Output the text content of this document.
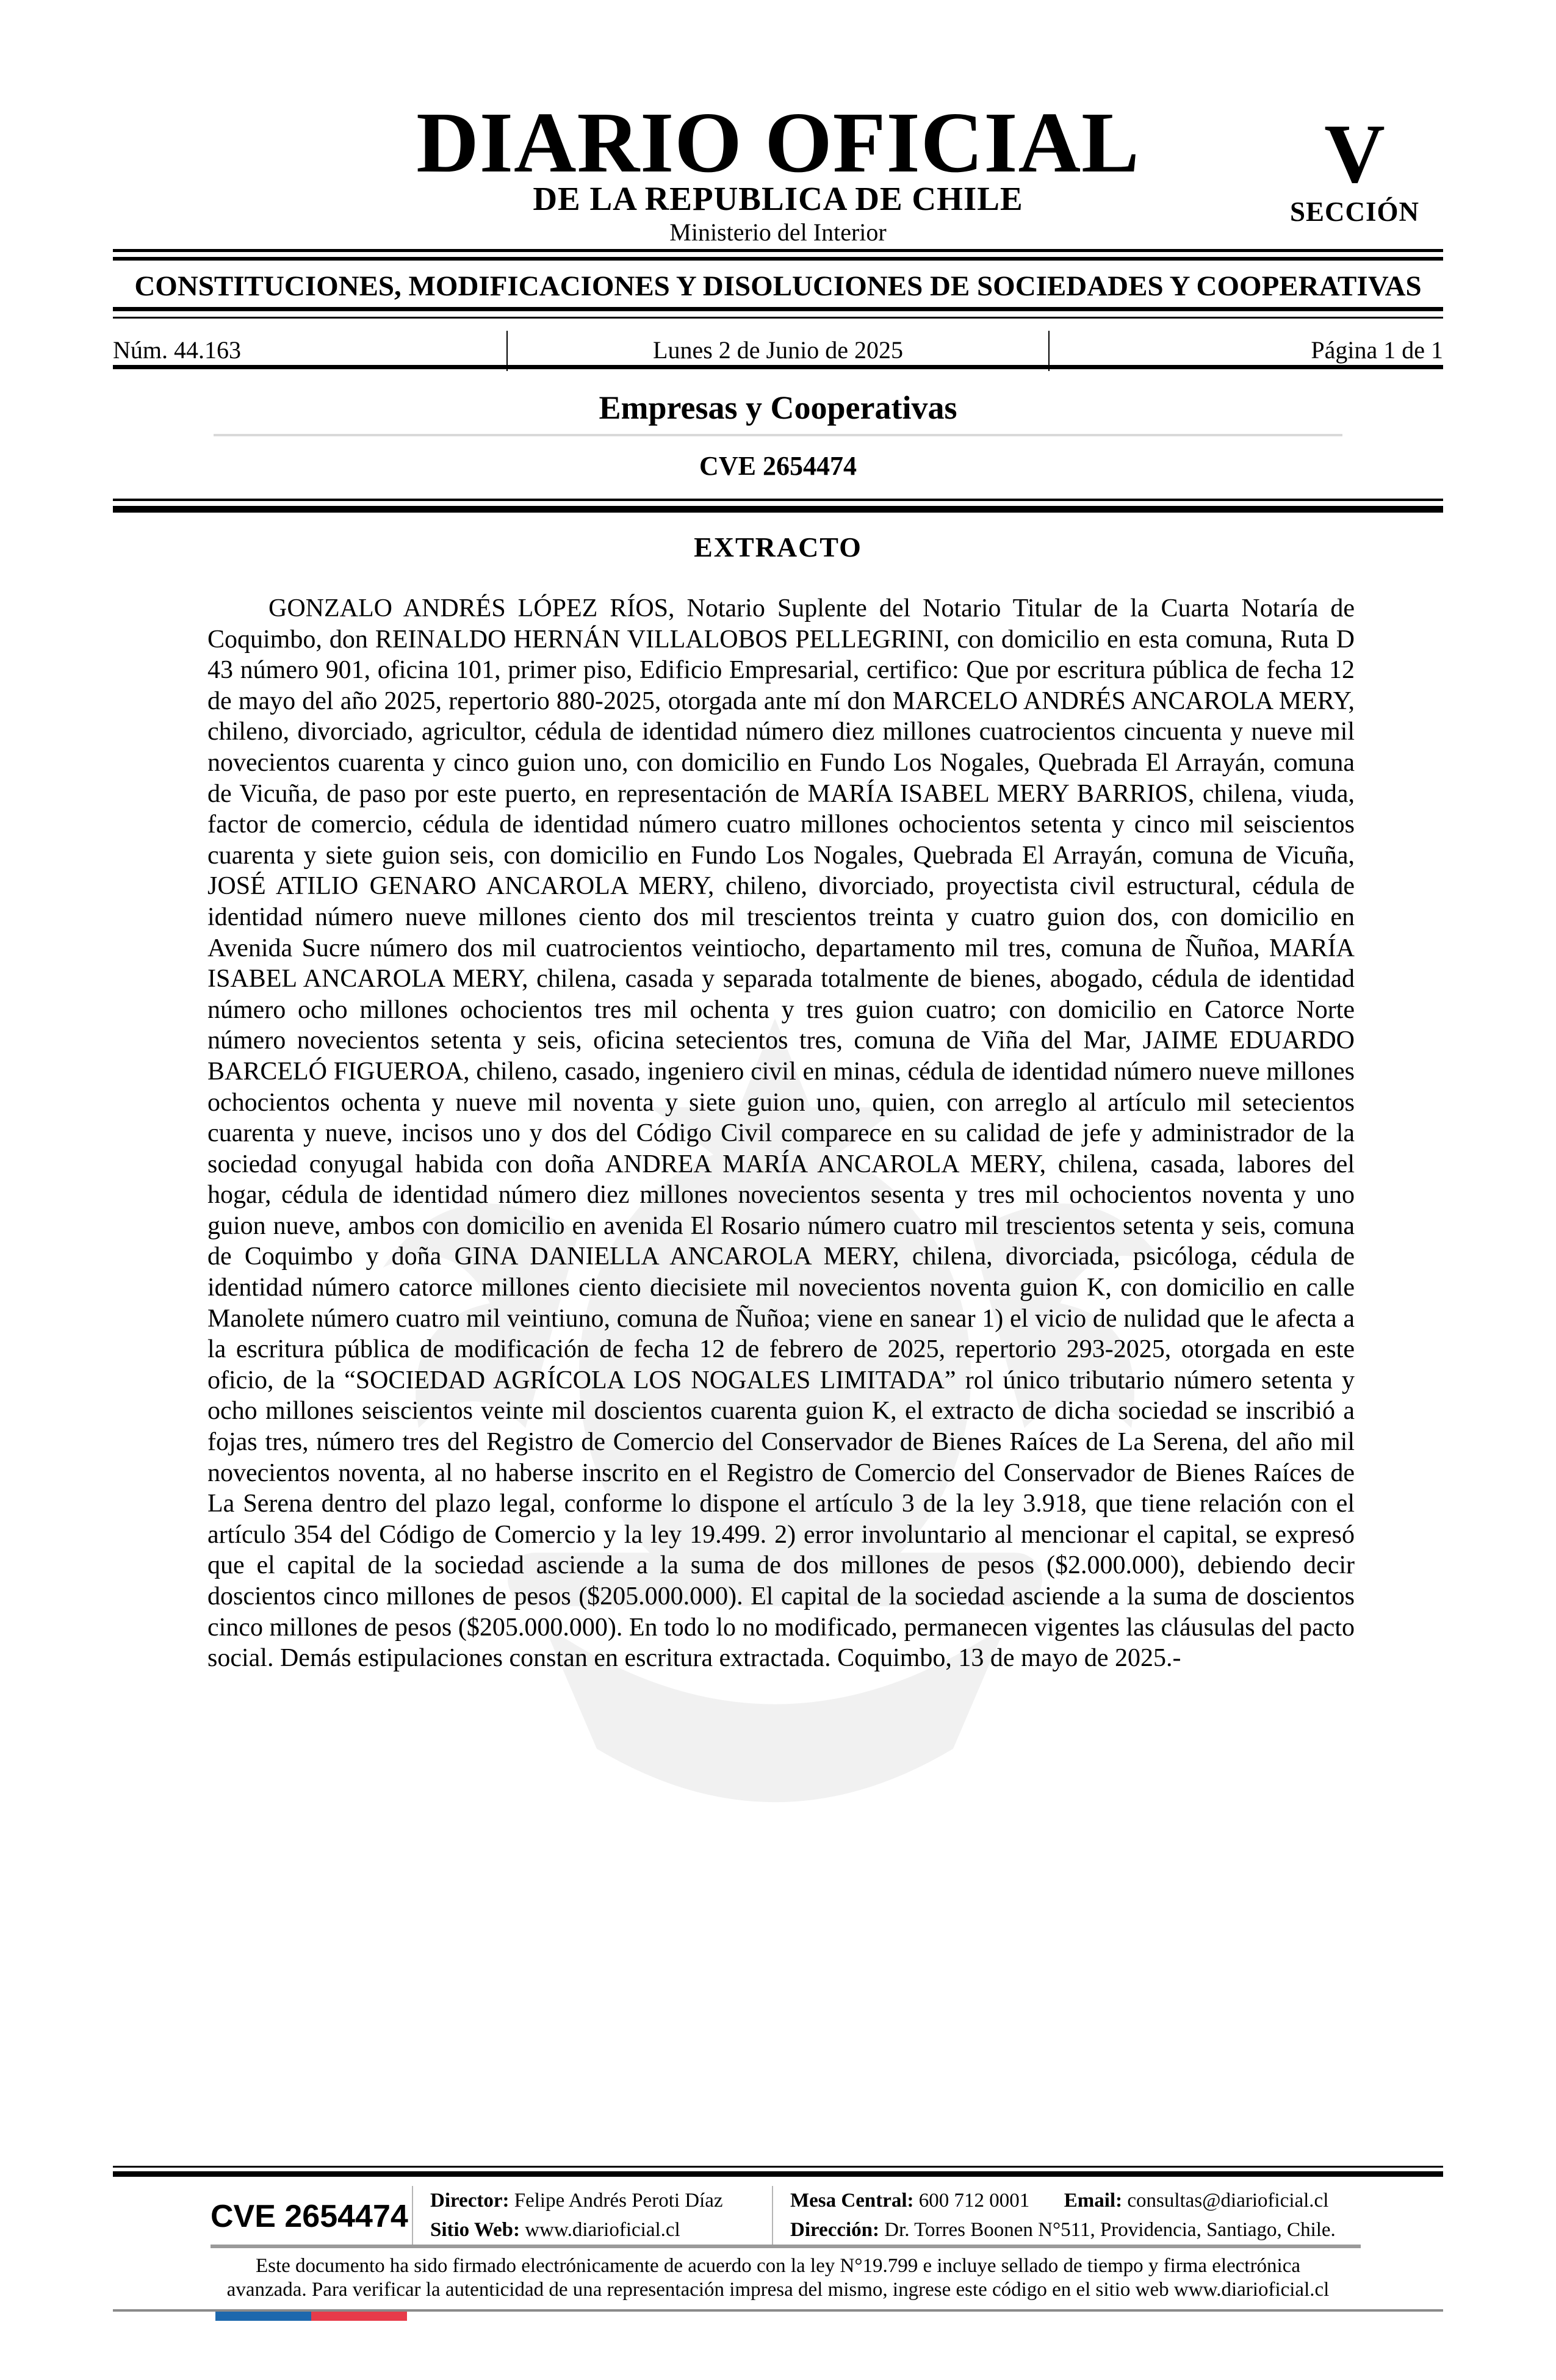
DIARIO OFICIAL
DE LA REPUBLICA DE CHILE
Ministerio del Interior
V
SECCIÓN
CONSTITUCIONES, MODIFICACIONES Y DISOLUCIONES DE SOCIEDADES Y COOPERATIVAS
Núm. 44.163	Lunes 2 de Junio de 2025	Página 1 de 1
Empresas y Cooperativas
CVE 2654474
EXTRACTO
GONZALO ANDRÉS LÓPEZ RÍOS, Notario Suplente del Notario Titular de la Cuarta Notaría de Coquimbo, don REINALDO HERNÁN VILLALOBOS PELLEGRINI, con domicilio en esta comuna, Ruta D 43 número 901, oficina 101, primer piso, Edificio Empresarial, certifico: Que por escritura pública de fecha 12 de mayo del año 2025, repertorio 880-2025, otorgada ante mí don MARCELO ANDRÉS ANCAROLA MERY, chileno, divorciado, agricultor, cédula de identidad número diez millones cuatrocientos cincuenta y nueve mil novecientos cuarenta y cinco guion uno, con domicilio en Fundo Los Nogales, Quebrada El Arrayán, comuna de Vicuña, de paso por este puerto, en representación de MARÍA ISABEL MERY BARRIOS, chilena, viuda, factor de comercio, cédula de identidad número cuatro millones ochocientos setenta y cinco mil seiscientos cuarenta y siete guion seis, con domicilio en Fundo Los Nogales, Quebrada El Arrayán, comuna de Vicuña, JOSÉ ATILIO GENARO ANCAROLA MERY, chileno, divorciado, proyectista civil estructural, cédula de identidad número nueve millones ciento dos mil trescientos treinta y cuatro guion dos, con domicilio en Avenida Sucre número dos mil cuatrocientos veintiocho, departamento mil tres, comuna de Ñuñoa, MARÍA ISABEL ANCAROLA MERY, chilena, casada y separada totalmente de bienes, abogado, cédula de identidad número ocho millones ochocientos tres mil ochenta y tres guion cuatro; con domicilio en Catorce Norte número novecientos setenta y seis, oficina setecientos tres, comuna de Viña del Mar, JAIME EDUARDO BARCELÓ FIGUEROA, chileno, casado, ingeniero civil en minas, cédula de identidad número nueve millones ochocientos ochenta y nueve mil noventa y siete guion uno, quien, con arreglo al artículo mil setecientos cuarenta y nueve, incisos uno y dos del Código Civil comparece en su calidad de jefe y administrador de la sociedad conyugal habida con doña ANDREA MARÍA ANCAROLA MERY, chilena, casada, labores del hogar, cédula de identidad número diez millones novecientos sesenta y tres mil ochocientos noventa y uno guion nueve, ambos con domicilio en avenida El Rosario número cuatro mil trescientos setenta y seis, comuna de Coquimbo y doña GINA DANIELLA ANCAROLA MERY, chilena, divorciada, psicóloga, cédula de identidad número catorce millones ciento diecisiete mil novecientos noventa guion K, con domicilio en calle Manolete número cuatro mil veintiuno, comuna de Ñuñoa; viene en sanear 1) el vicio de nulidad que le afecta a la escritura pública de modificación de fecha 12 de febrero de 2025, repertorio 293-2025, otorgada en este oficio, de la “SOCIEDAD AGRÍCOLA LOS NOGALES LIMITADA” rol único tributario número setenta y ocho millones seiscientos veinte mil doscientos cuarenta guion K, el extracto de dicha sociedad se inscribió a fojas tres, número tres del Registro de Comercio del Conservador de Bienes Raíces de La Serena, del año mil novecientos noventa, al no haberse inscrito en el Registro de Comercio del Conservador de Bienes Raíces de La Serena dentro del plazo legal, conforme lo dispone el artículo 3 de la ley 3.918, que tiene relación con el artículo 354 del Código de Comercio y la ley 19.499. 2) error involuntario al mencionar el capital, se expresó que el capital de la sociedad asciende a la suma de dos millones de pesos ($2.000.000), debiendo decir doscientos cinco millones de pesos ($205.000.000). El capital de la sociedad asciende a la suma de doscientos cinco millones de pesos ($205.000.000). En todo lo no modificado, permanecen vigentes las cláusulas del pacto social. Demás estipulaciones constan en escritura extractada. Coquimbo, 13 de mayo de 2025.-
CVE 2654474 Director: Felipe Andrés Peroti Díaz
Sitio Web: www.diarioficial.cl
Mesa Central: 600 712 0001 Email: consultas@diarioficial.cl
Dirección: Dr. Torres Boonen N°511, Providencia, Santiago, Chile.
Este documento ha sido firmado electrónicamente de acuerdo con la ley N°19.799 e incluye sellado de tiempo y firma electrónica
avanzada. Para verificar la autenticidad de una representación impresa del mismo, ingrese este código en el sitio web www.diarioficial.cl
